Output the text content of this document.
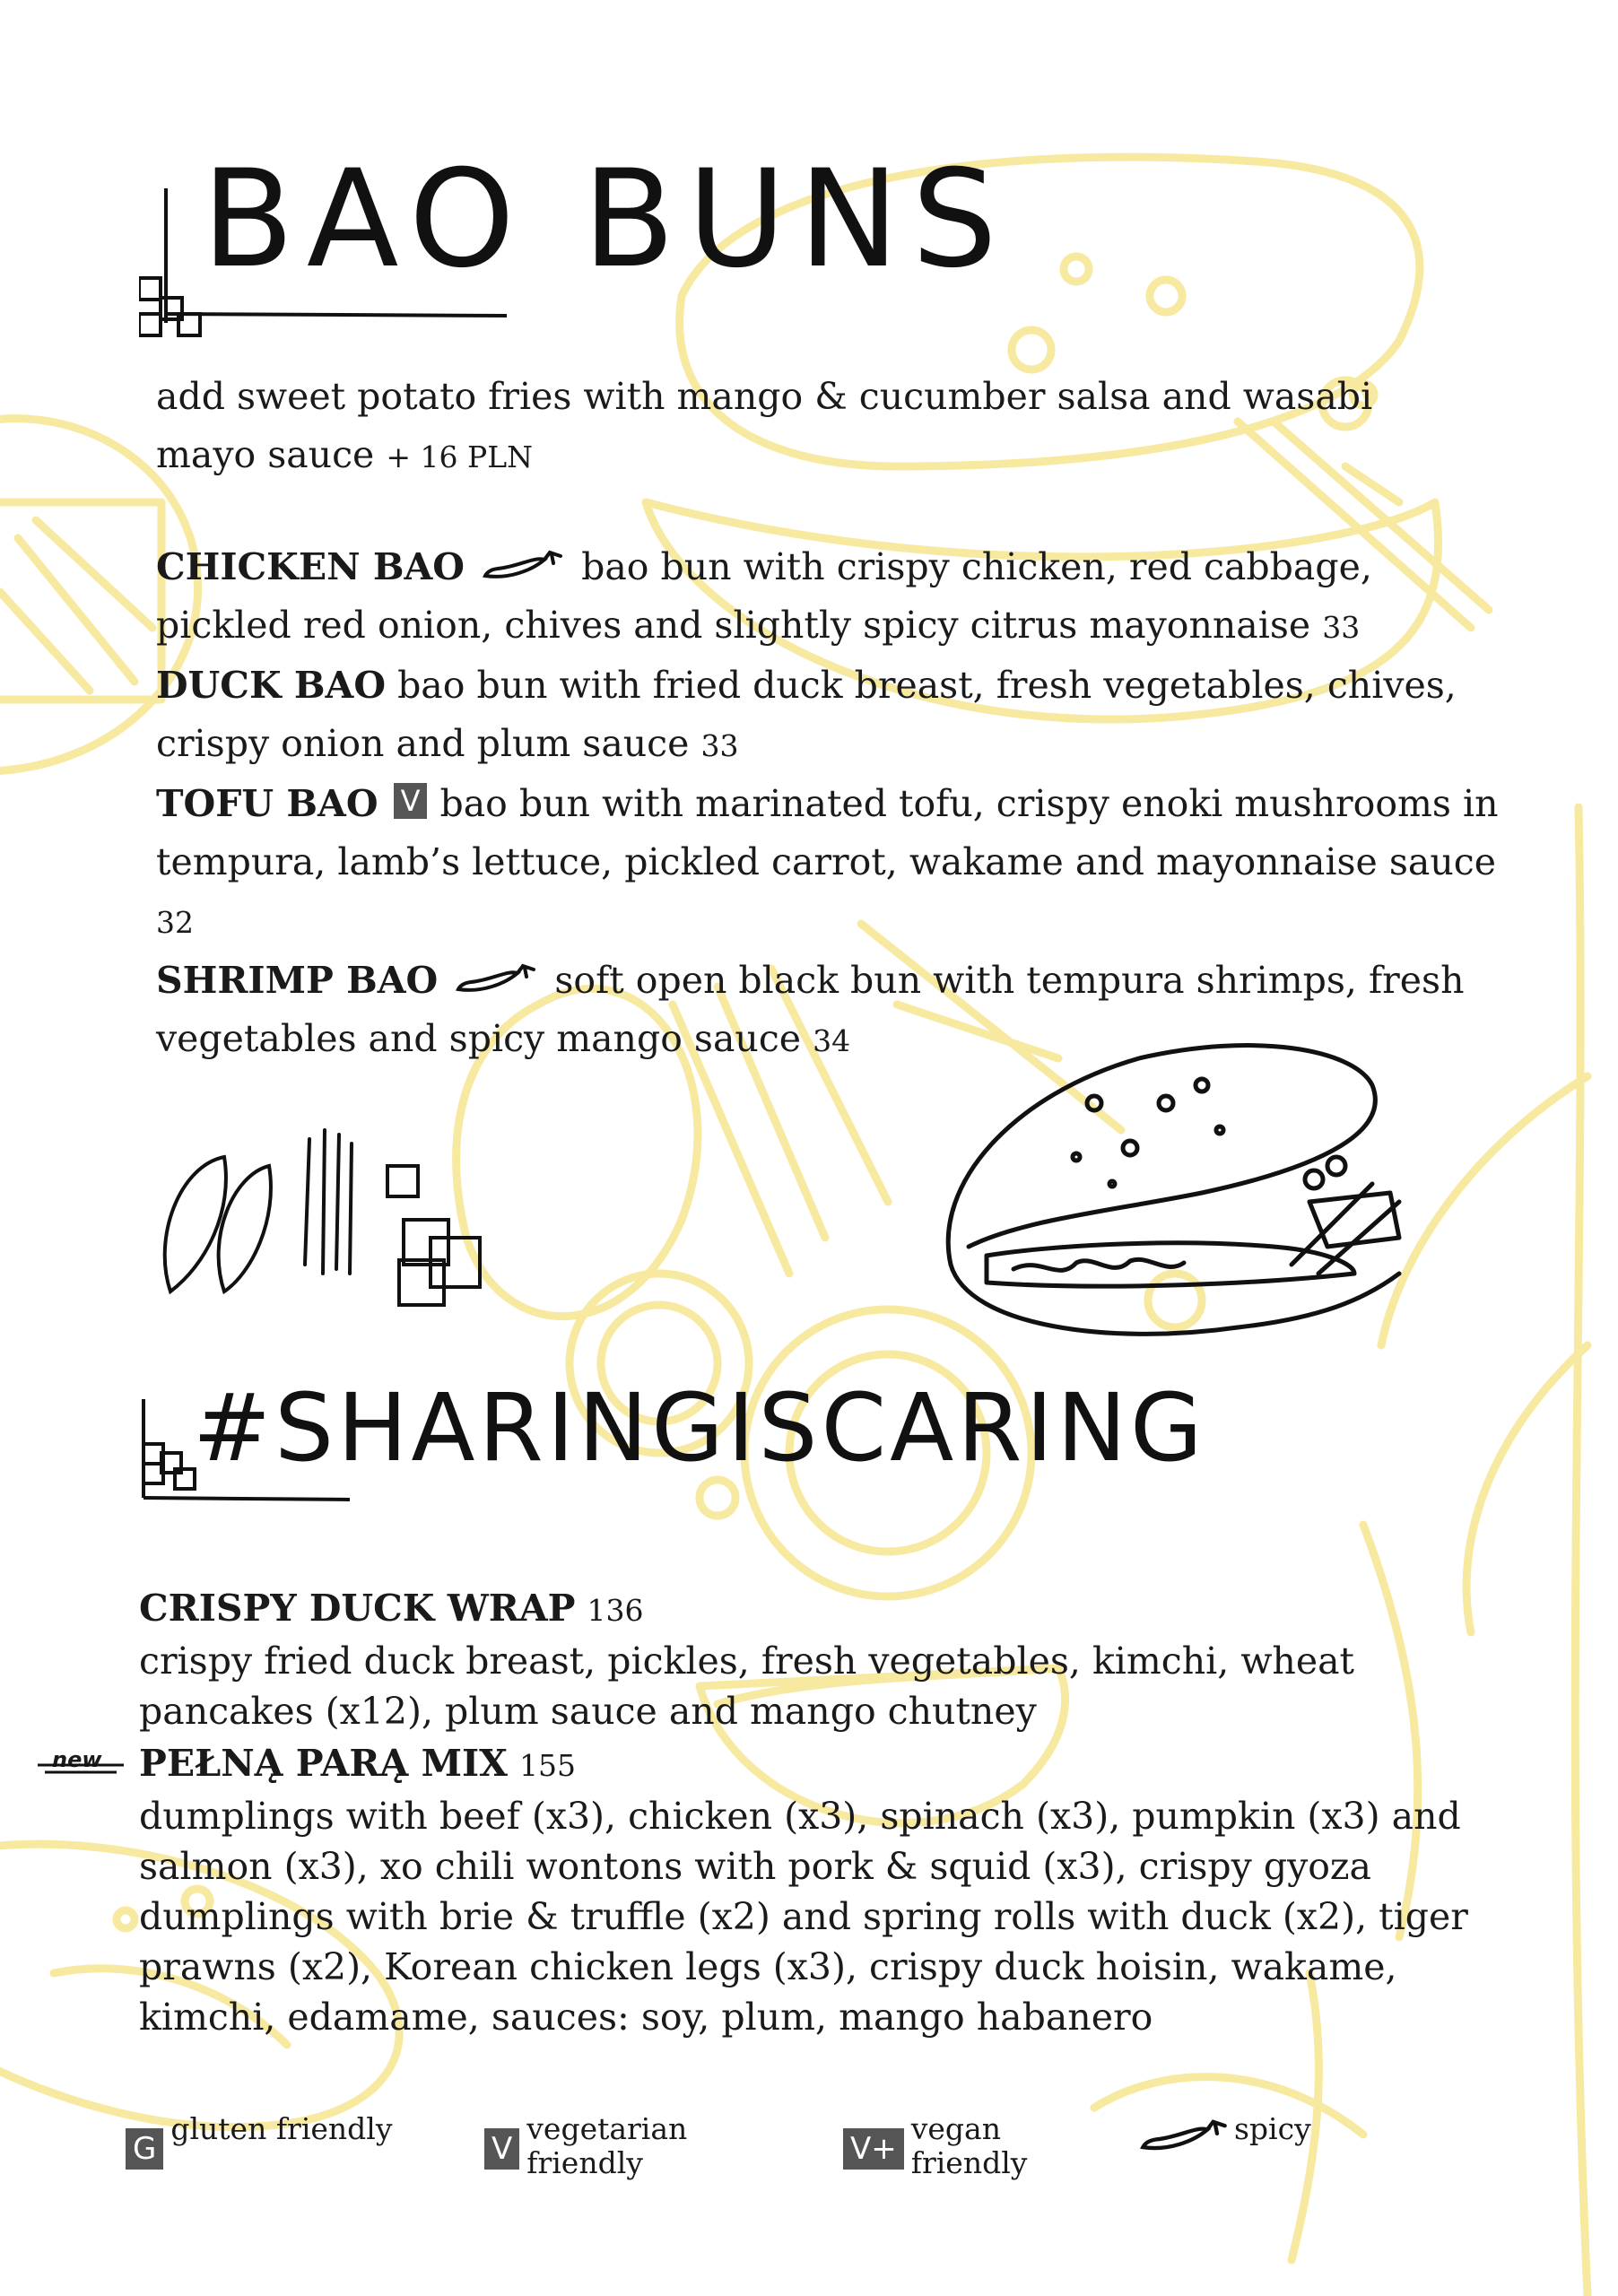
BAO BUNS
add sweet potato fries with mango & cucumber salsa and wasabi mayo sauce + 16 PLN

CHICKEN BAO	bao bun with crispy chicken, red cabbage, pickled red onion, chives and slightly spicy citrus mayonnaise 33

DUCK BAO bao bun with fried duck breast, fresh vegetables, chives, crispy onion and plum sauce 33

TOFU BAO V bao bun with marinated tofu, crispy enoki mushrooms in tempura, lamb’s lettuce, pickled carrot, wakame and mayonnaise sauce 32

SHRIMP BAO	soft open black bun with tempura shrimps, fresh vegetables and spicy mango sauce 34

#SHARINGISCARING
CRISPY DUCK WRAP 136
crispy fried duck breast, pickles, fresh vegetables, kimchi, wheat pancakes (x12), plum sauce and mango chutney
new PEŁNĄ PARĄ MIX 155
dumplings with beef (x3), chicken (x3), spinach (x3), pumpkin (x3) and salmon (x3), xo chili wontons with pork & squid (x3), crispy gyoza dumplings with brie & truffle (x2) and spring rolls with duck (x2), tiger prawns (x2), Korean chicken legs (x3), crispy duck hoisin, wakame, kimchi, edamame, sauces: soy, plum, mango habanero
G
gluten friendly
V
vegetarian
friendly	V+
vegan
friendly
spicy
